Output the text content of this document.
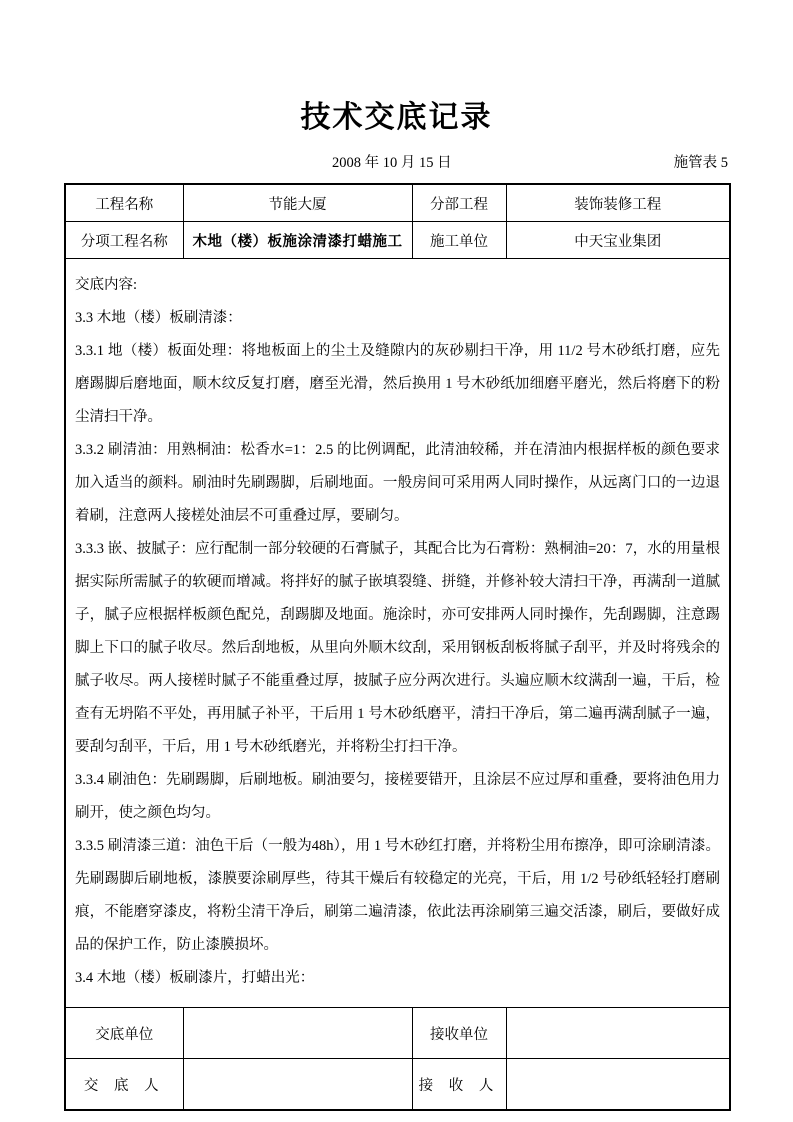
技术交底记录
2008 年 10 月 15 日	施管表 5
工程名称	节能大厦	分部工程	装饰装修工程
分项工程名称	木地（楼）板施涂清漆打蜡施工	施工单位	中天宝业集团

交底内容:

3.3 木地（楼）板刷清漆：

3.3.1 地（楼）板面处理：将地板面上的尘土及缝隙内的灰砂剔扫干净，用 11/2 号木砂纸打磨，应先磨踢脚后磨地面，顺木纹反复打磨，磨至光滑，然后换用 1 号木砂纸加细磨平磨光，然后将磨下的粉尘清扫干净。

3.3.2 刷清油：用熟桐油：松香水=1：2.5 的比例调配，此清油较稀，并在清油内根据样板的颜色要求加入适当的颜料。刷油时先刷踢脚，后刷地面。一般房间可采用两人同时操作，从远离门口的一边退着刷，注意两人接槎处油层不可重叠过厚，要刷匀。

3.3.3 嵌、披腻子：应行配制一部分较硬的石膏腻子，其配合比为石膏粉：熟桐油=20：7，水的用量根据实际所需腻子的软硬而增减。将拌好的腻子嵌填裂缝、拼缝，并修补较大清扫干净，再满刮一道腻子，腻子应根据样板颜色配兑，刮踢脚及地面。施涂时，亦可安排两人同时操作，先刮踢脚，注意踢脚上下口的腻子收尽。然后刮地板，从里向外顺木纹刮，采用钢板刮板将腻子刮平，并及时将残余的腻子收尽。两人接槎时腻子不能重叠过厚，披腻子应分两次进行。头遍应顺木纹满刮一遍，干后，检查有无坍陷不平处，再用腻子补平，干后用 1 号木砂纸磨平，清扫干净后，第二遍再满刮腻子一遍，要刮匀刮平，干后，用 1 号木砂纸磨光，并将粉尘打扫干净。

3.3.4 刷油色：先刷踢脚，后刷地板。刷油要匀，接槎要错开，且涂层不应过厚和重叠，要将油色用力刷开，使之颜色均匀。

3.3.5 刷清漆三道：油色干后（一般为48h），用 1 号木砂红打磨，并将粉尘用布擦净，即可涂刷清漆。先刷踢脚后刷地板，漆膜要涂刷厚些，待其干燥后有较稳定的光亮，干后，用 1/2 号砂纸轻轻打磨刷痕，不能磨穿漆皮，将粉尘清干净后，刷第二遍清漆，依此法再涂刷第三遍交活漆，刷后，要做好成品的保护工作，防止漆膜损坏。

3.4 木地（楼）板刷漆片，打蜡出光：

交底单位		接收单位	
交 底 人		接 收 人	
